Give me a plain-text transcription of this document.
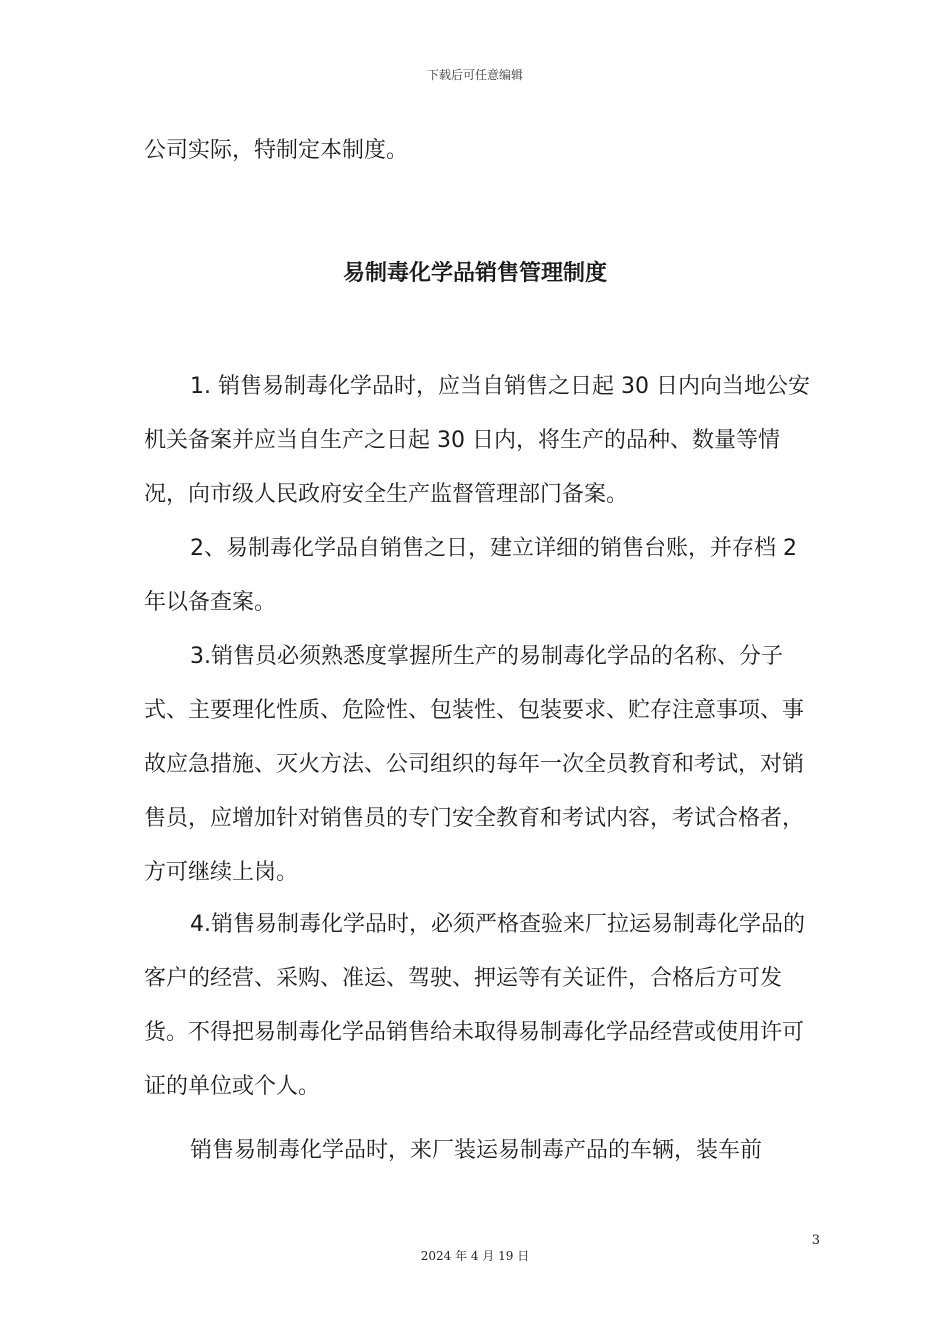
下载后可任意编辑

公司实际，特制定本制度。

易制毒化学品销售管理制度

1. 销售易制毒化学品时，应当自销售之日起 30 日内向当地公安机关备案并应当自生产之日起 30 日内，将生产的品种、数量等情况，向市级人民政府安全生产监督管理部门备案。

2、易制毒化学品自销售之日，建立详细的销售台账，并存档 2 年以备查案。

3.销售员必须熟悉度掌握所生产的易制毒化学品的名称、分子式、主要理化性质、危险性、包装性、包装要求、贮存注意事项、事故应急措施、灭火方法、公司组织的每年一次全员教育和考试，对销售员，应增加针对销售员的专门安全教育和考试内容，考试合格者，方可继续上岗。

4.销售易制毒化学品时，必须严格查验来厂拉运易制毒化学品的客户的经营、采购、准运、驾驶、押运等有关证件，合格后方可发货。不得把易制毒化学品销售给未取得易制毒化学品经营或使用许可证的单位或个人。

销售易制毒化学品时，来厂装运易制毒产品的车辆，装车前

3
2024 年 4 月 19 日
